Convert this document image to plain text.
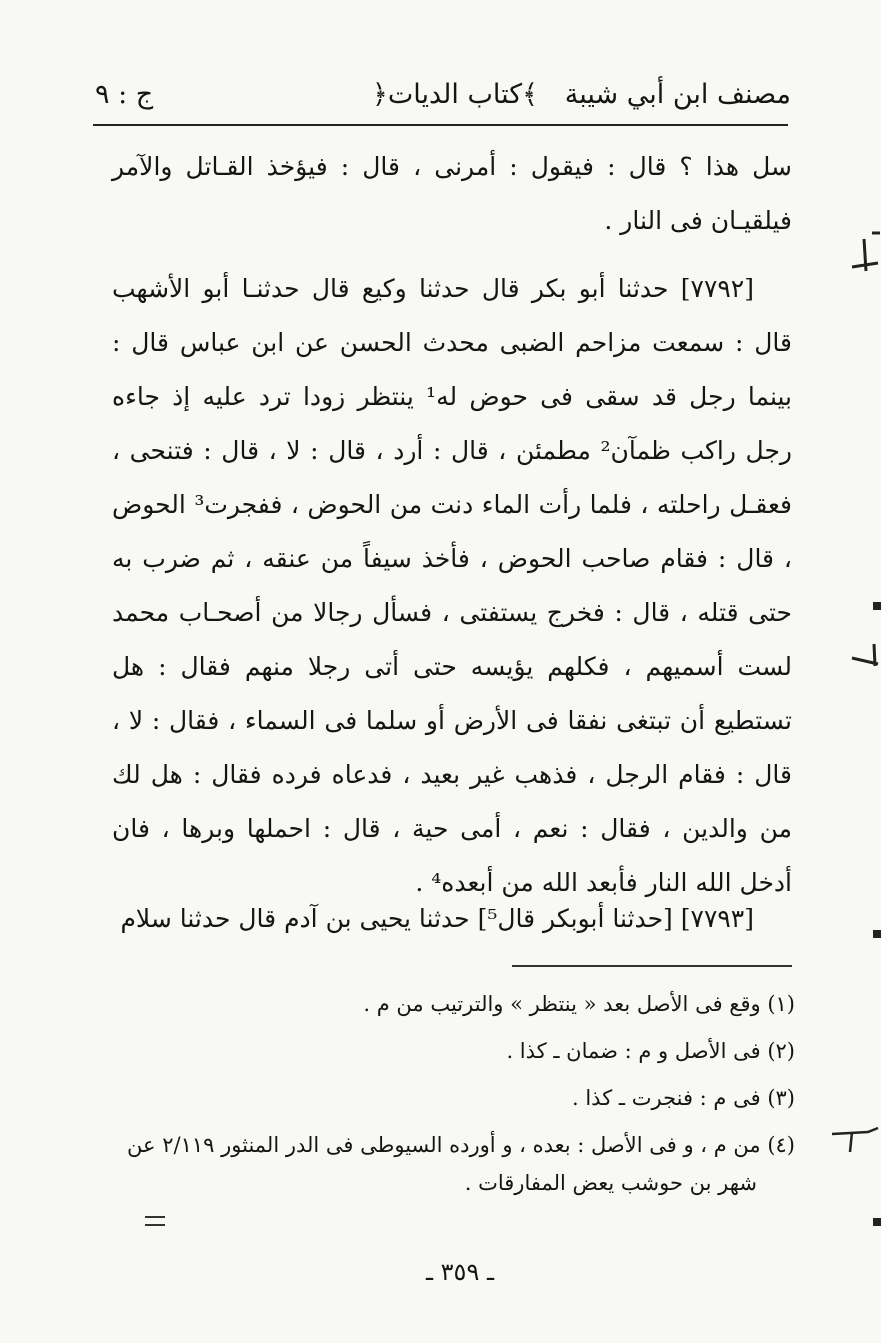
مصنف ابن أبي شيبة
﴿كتاب الديات﴾
ج : ٩

سل هذا ؟ قال : فيقول : أمرنى ، قال : فيؤخذ القـاتل والآمر فيلقيـان فى النار .

[٧٧٩٢] حدثنا أبو بكر قال حدثنا وكيع قال حدثنـا أبو الأشهب قال : سمعت مزاحم الضبى محدث الحسن عن ابن عباس قال : بينما رجل قد سقى فى حوض له¹ ينتظر زودا ترد عليه إذ جاءه رجل راكب ظمآن² مطمئن ، قال : أرد ، قال : لا ، قال : فتنحى ، فعقـل راحلته ، فلما رأت الماء دنت من الحوض ، ففجرت³ الحوض ، قال : فقام صاحب الحوض ، فأخذ سيفاً من عنقه ، ثم ضرب به حتى قتله ، قال : فخرج يستفتى ، فسأل رجالا من أصحـاب محمد لست أسميهم ، فكلهم يؤيسه حتى أتى رجلا منهم فقال : هل تستطيع أن تبتغى نفقا فى الأرض أو سلما فى السماء ، فقال : لا ، قال : فقام الرجل ، فذهب غير بعيد ، فدعاه فرده فقال : هل لك من والدين ، فقال : نعم ، أمى حية ، قال : احملها وبرها ، فان أدخل الله النار فأبعد الله من أبعده⁴ .

[٧٧٩٣] [حدثنا أبوبكر قال⁵] حدثنا يحيى بن آدم قال حدثنا سلام

(١) وقع فى الأصل بعد « ينتظر » والترتيب من م .

(٢) فى الأصل و م : ضمان ـ كذا .

(٣) فى م : فنجرت ـ كذا .

(٤) من م ، و فى الأصل : بعده ، و أورده السيوطى فى الدر المنثور ٢/١١٩ عن شهر بن حوشب يعض المفارقات .

ـ ٣٥٩ ـ
